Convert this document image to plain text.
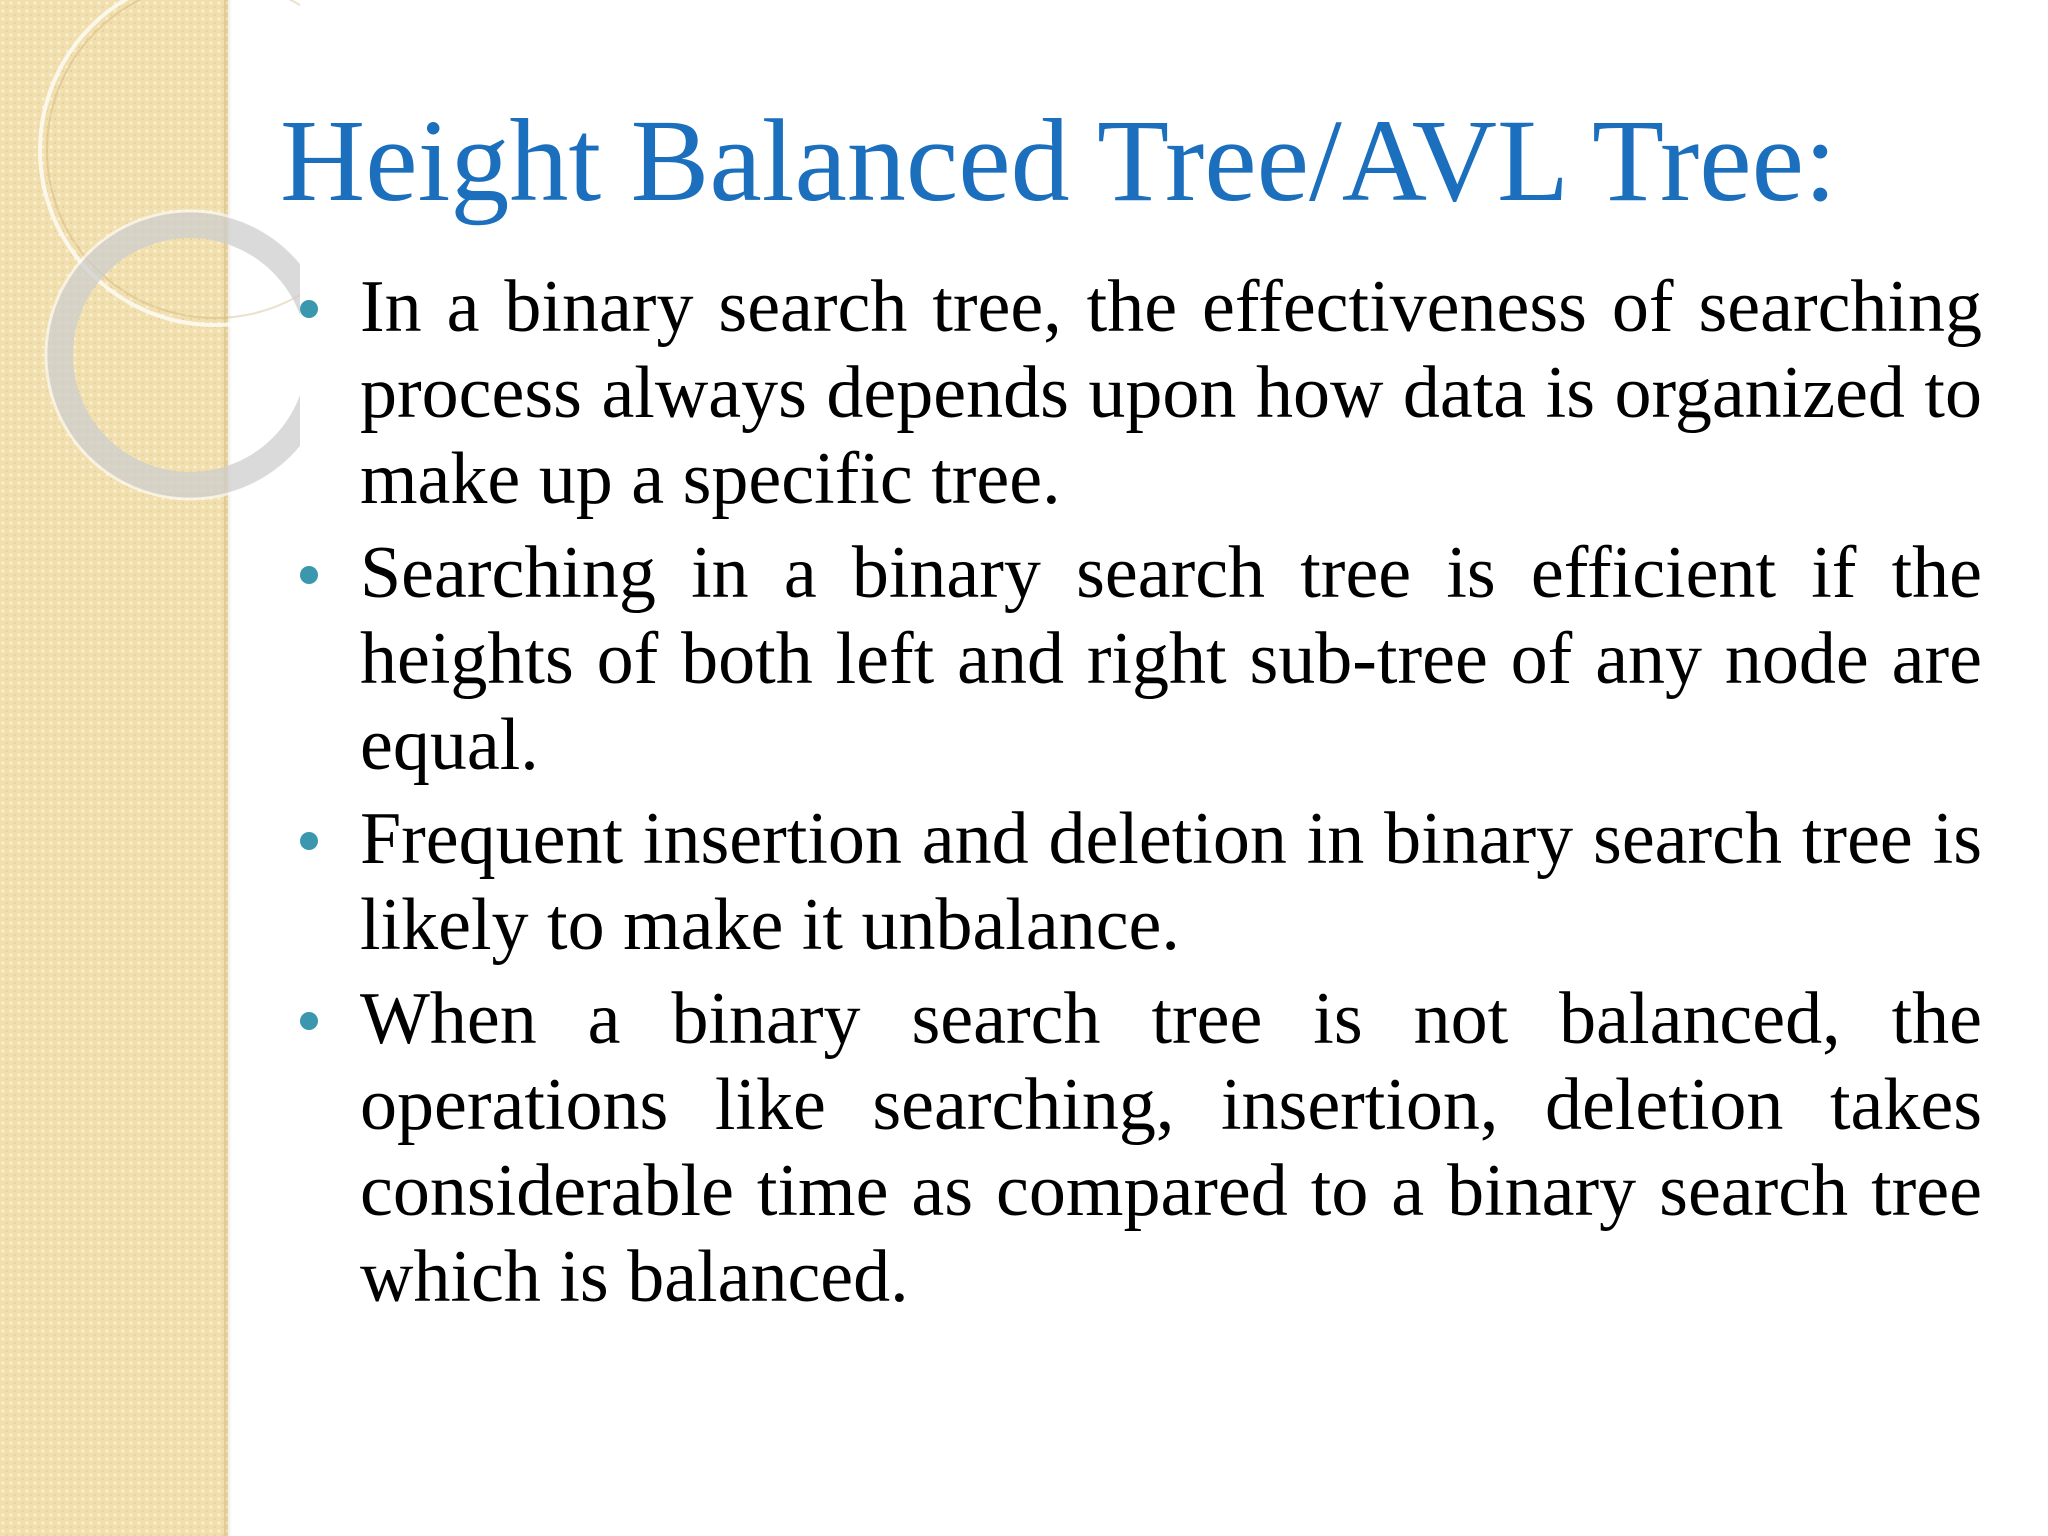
Height Balanced Tree/AVL Tree:
In a binary search tree, the effectiveness of searching process always depends upon how data is organized to make up a specific tree.
Searching in a binary search tree is efficient if the heights of both left and right sub-tree of any node are equal.
Frequent insertion and deletion in binary search tree is likely to make it unbalance.
When a binary search tree is not balanced, the operations like searching, insertion, deletion takes considerable time as compared to a binary search tree which is balanced.
